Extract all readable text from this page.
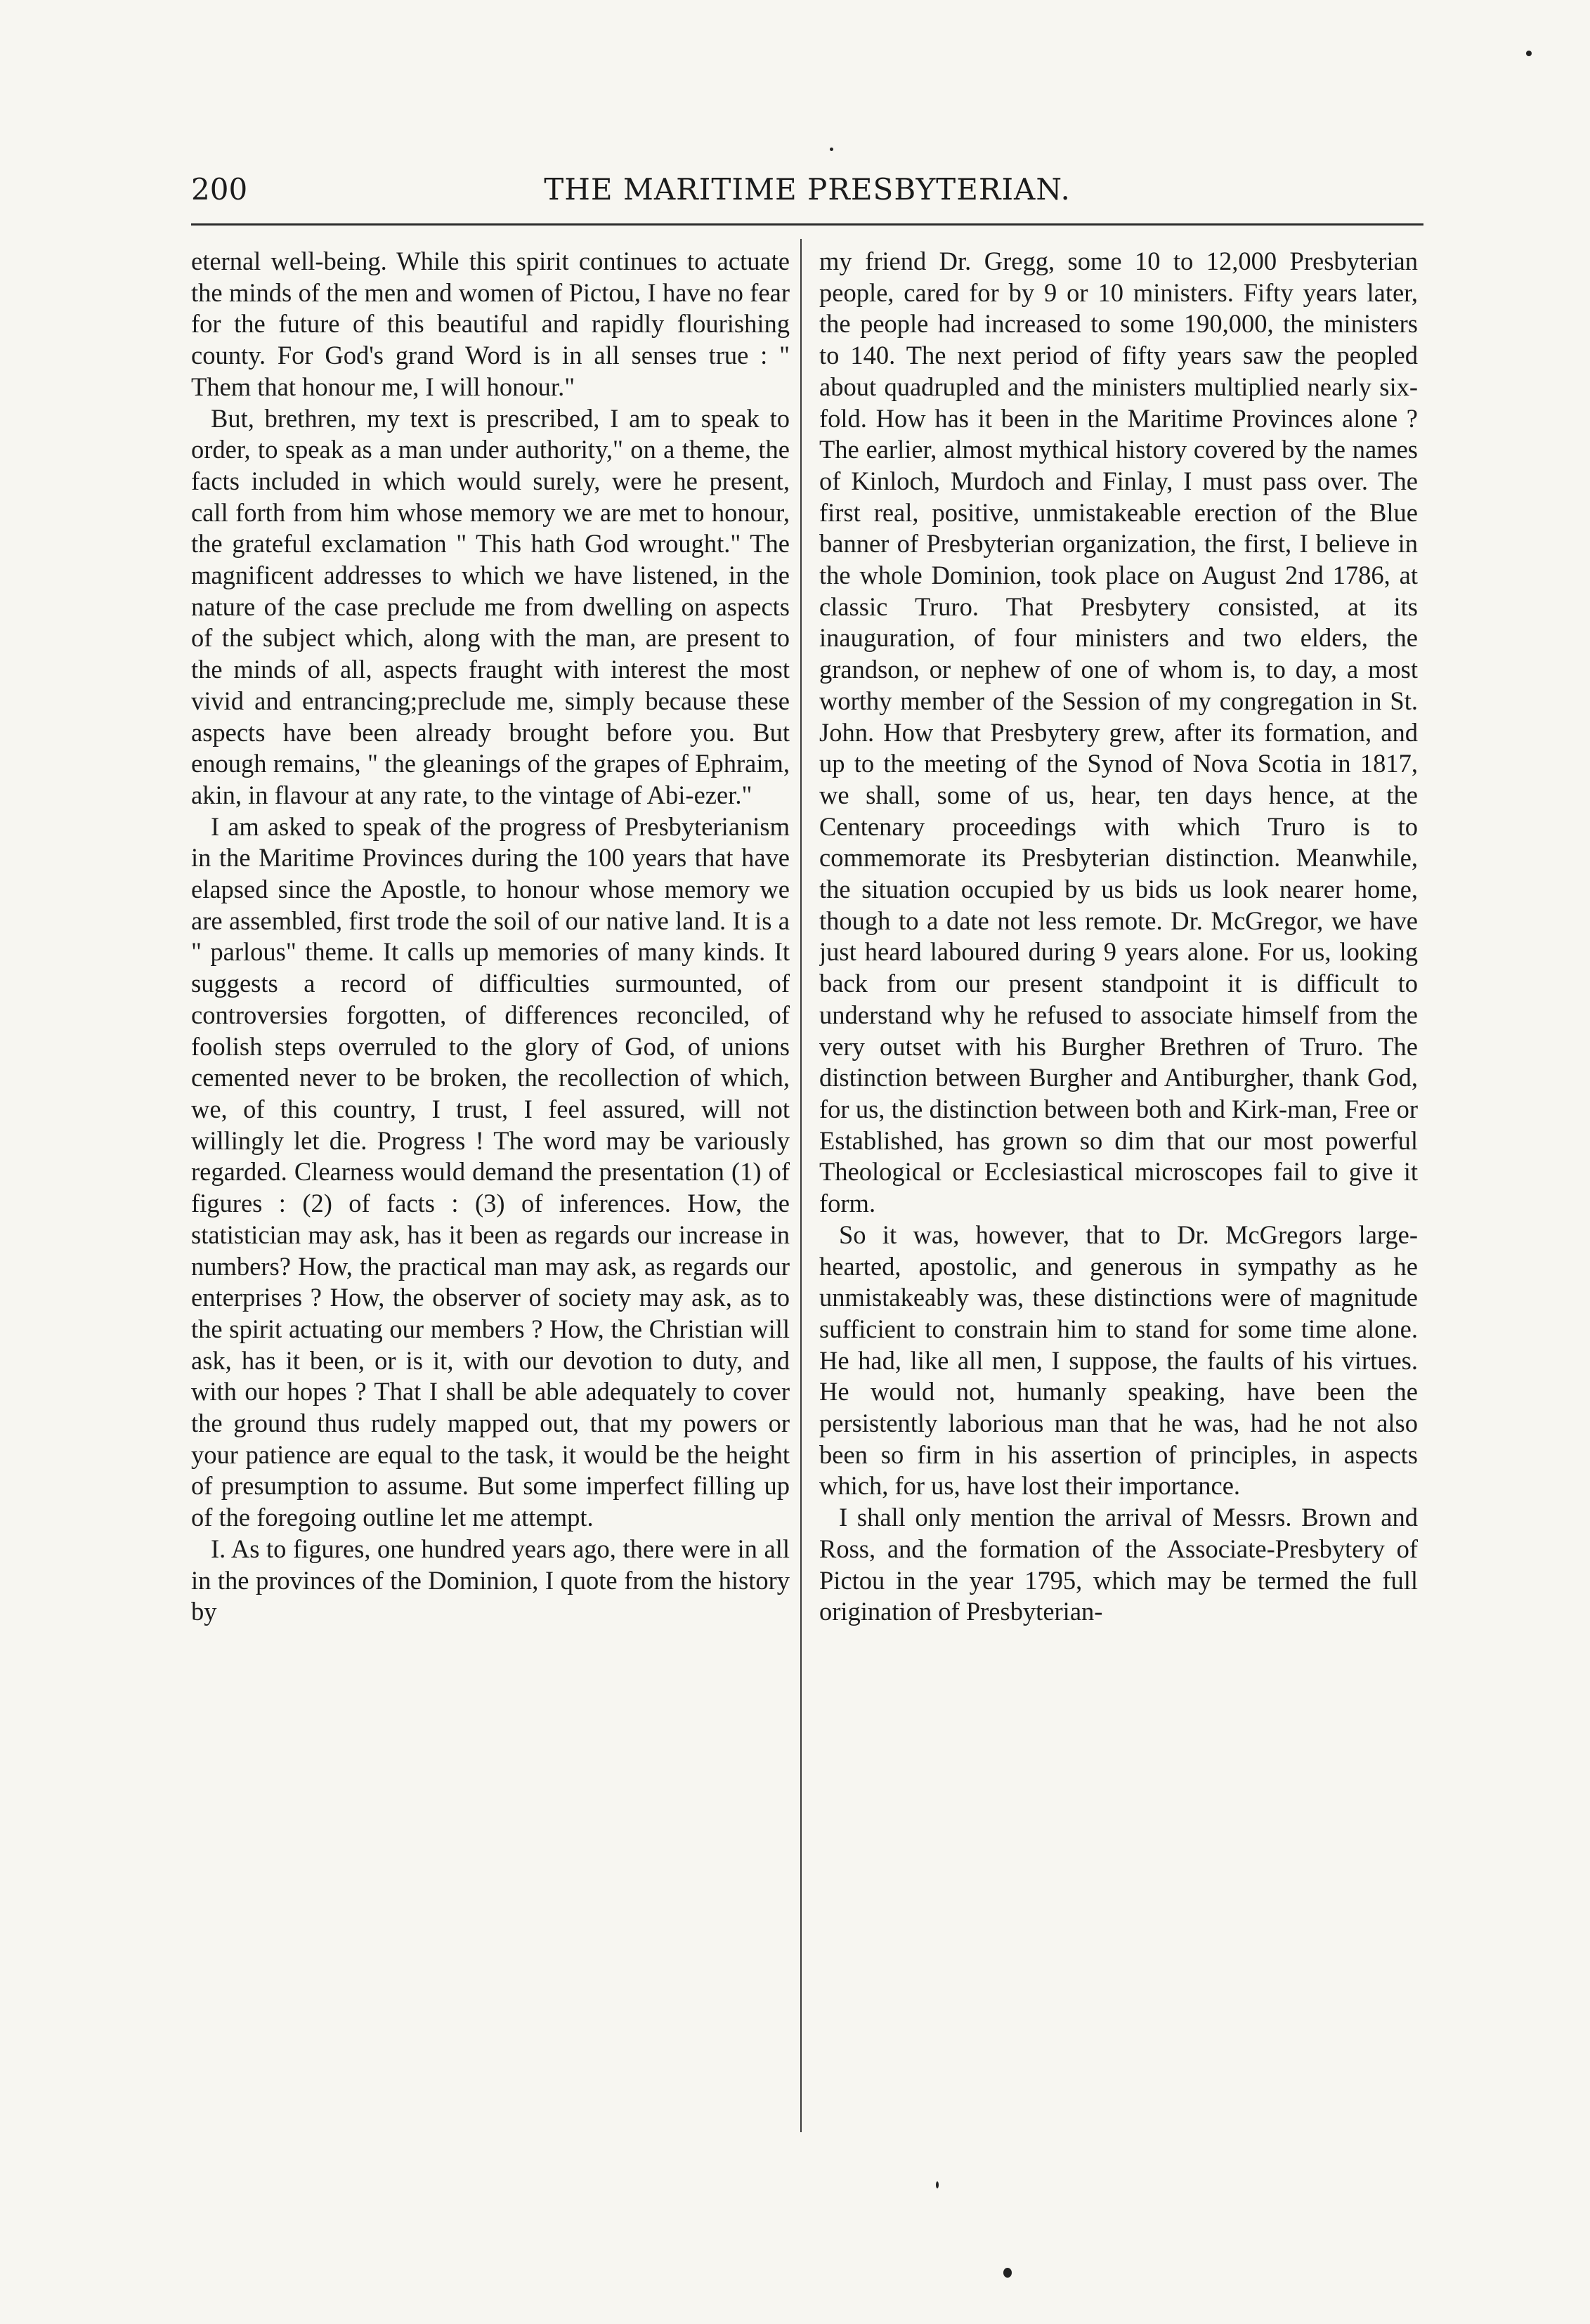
200	THE MARITIME PRESBYTERIAN.

eternal well-being. While this spirit continues to actuate the minds of the men and women of Pictou, I have no fear for the future of this beautiful and rapidly flourishing county. For God's grand Word is in all senses true : " Them that honour me, I will honour."

But, brethren, my text is prescribed, I am to speak to order, to speak as a man under authority," on a theme, the facts included in which would surely, were he present, call forth from him whose memory we are met to honour, the grateful exclamation " This hath God wrought." The magnificent addresses to which we have listened, in the nature of the case preclude me from dwelling on aspects of the subject which, along with the man, are present to the minds of all, aspects fraught with interest the most vivid and entrancing;preclude me, simply because these aspects have been already brought before you. But enough remains, " the gleanings of the grapes of Ephraim, akin, in flavour at any rate, to the vintage of Abi-ezer."

I am asked to speak of the progress of Presbyterianism in the Maritime Provinces during the 100 years that have elapsed since the Apostle, to honour whose memory we are assembled, first trode the soil of our native land. It is a " parlous" theme. It calls up memories of many kinds. It suggests a record of difficulties surmounted, of controversies forgotten, of differences reconciled, of foolish steps overruled to the glory of God, of unions cemented never to be broken, the recollection of which, we, of this country, I trust, I feel assured, will not willingly let die. Progress ! The word may be variously regarded. Clearness would demand the presentation (1) of figures : (2) of facts : (3) of inferences. How, the statistician may ask, has it been as regards our increase in numbers? How, the practical man may ask, as regards our enterprises ? How, the observer of society may ask, as to the spirit actuating our members ? How, the Christian will ask, has it been, or is it, with our devotion to duty, and with our hopes ? That I shall be able adequately to cover the ground thus rudely mapped out, that my powers or your patience are equal to the task, it would be the height of presumption to assume. But some imperfect filling up of the foregoing outline let me attempt.

I. As to figures, one hundred years ago, there were in all in the provinces of the Dominion, I quote from the history by

my friend Dr. Gregg, some 10 to 12,000 Presbyterian people, cared for by 9 or 10 ministers. Fifty years later, the people had increased to some 190,000, the ministers to 140. The next period of fifty years saw the peopled about quadrupled and the ministers multiplied nearly six-fold. How has it been in the Maritime Provinces alone ? The earlier, almost mythical history covered by the names of Kinloch, Murdoch and Finlay, I must pass over. The first real, positive, unmistakeable erection of the Blue banner of Presbyterian organization, the first, I believe in the whole Dominion, took place on August 2nd 1786, at classic Truro. That Presbytery consisted, at its inauguration, of four ministers and two elders, the grandson, or nephew of one of whom is, to day, a most worthy member of the Session of my congregation in St. John. How that Presbytery grew, after its formation, and up to the meeting of the Synod of Nova Scotia in 1817, we shall, some of us, hear, ten days hence, at the Centenary proceedings with which Truro is to commemorate its Presbyterian distinction. Meanwhile, the situation occupied by us bids us look nearer home, though to a date not less remote. Dr. McGregor, we have just heard laboured during 9 years alone. For us, looking back from our present standpoint it is difficult to understand why he refused to associate himself from the very outset with his Burgher Brethren of Truro. The distinction between Burgher and Antiburgher, thank God, for us, the distinction between both and Kirk-man, Free or Established, has grown so dim that our most powerful Theological or Ecclesiastical microscopes fail to give it form.

So it was, however, that to Dr. McGregors large-hearted, apostolic, and generous in sympathy as he unmistakeably was, these distinctions were of magnitude sufficient to constrain him to stand for some time alone. He had, like all men, I suppose, the faults of his virtues. He would not, humanly speaking, have been the persistently laborious man that he was, had he not also been so firm in his assertion of principles, in aspects which, for us, have lost their importance.

I shall only mention the arrival of Messrs. Brown and Ross, and the formation of the Associate-Presbytery of Pictou in the year 1795, which may be termed the full origination of Presbyterian-
